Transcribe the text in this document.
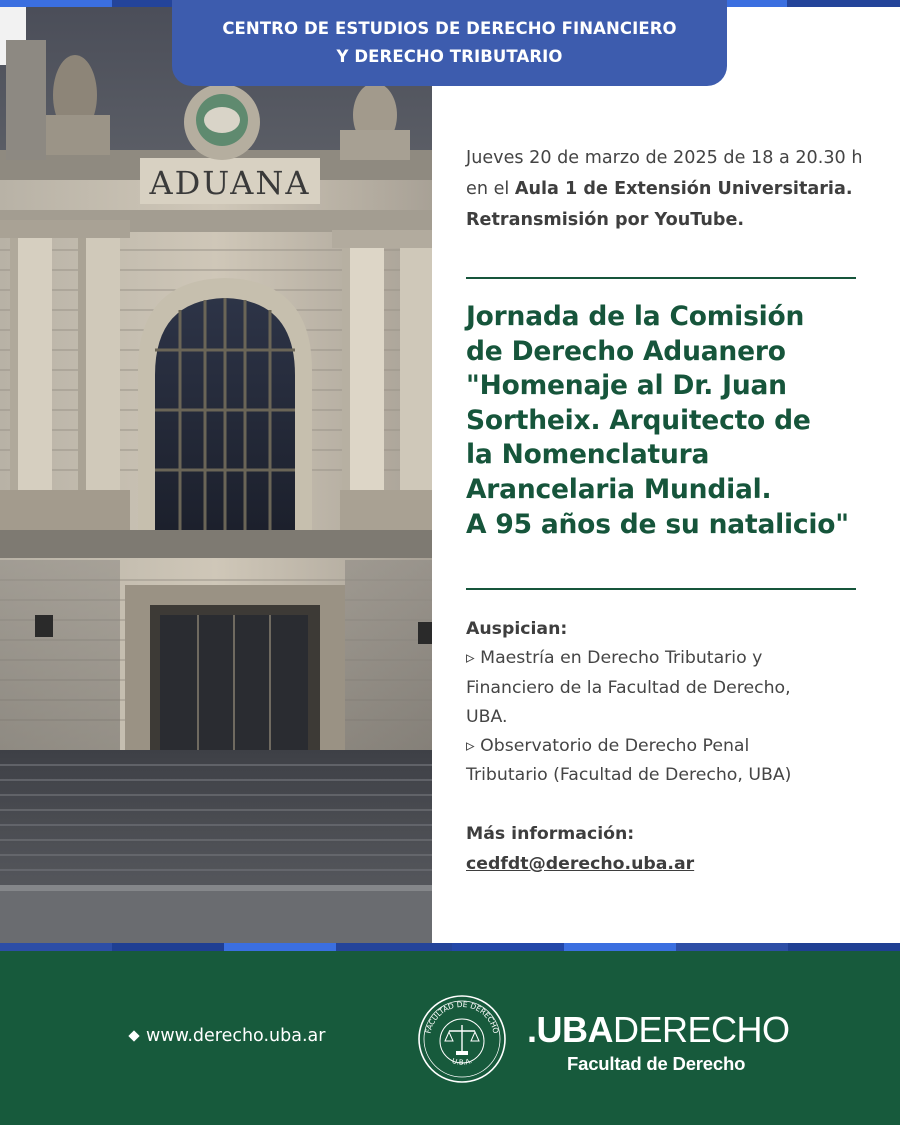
ADUANA
CENTRO DE ESTUDIOS DE DERECHO FINANCIERO
Y DERECHO TRIBUTARIO
Jueves 20 de marzo de 2025 de 18 a 20.30 h en el Aula 1 de Extensión Universitaria. Retransmisión por YouTube.
Jornada de la Comisión
de Derecho Aduanero
"Homenaje al Dr. Juan
Sortheix. Arquitecto de
la Nomenclatura
Arancelaria Mundial.
A 95 años de su natalicio"
Auspician:
▹ Maestría en Derecho Tributario y
Financiero de la Facultad de Derecho,
UBA.
▹ Observatorio de Derecho Penal
Tributario (Facultad de Derecho, UBA)
Más información:
cedfdt@derecho.uba.ar
www.derecho.uba.ar	FACULTAD DE DERECHO
U.B.A.
.UBADERECHO
Facultad de Derecho
